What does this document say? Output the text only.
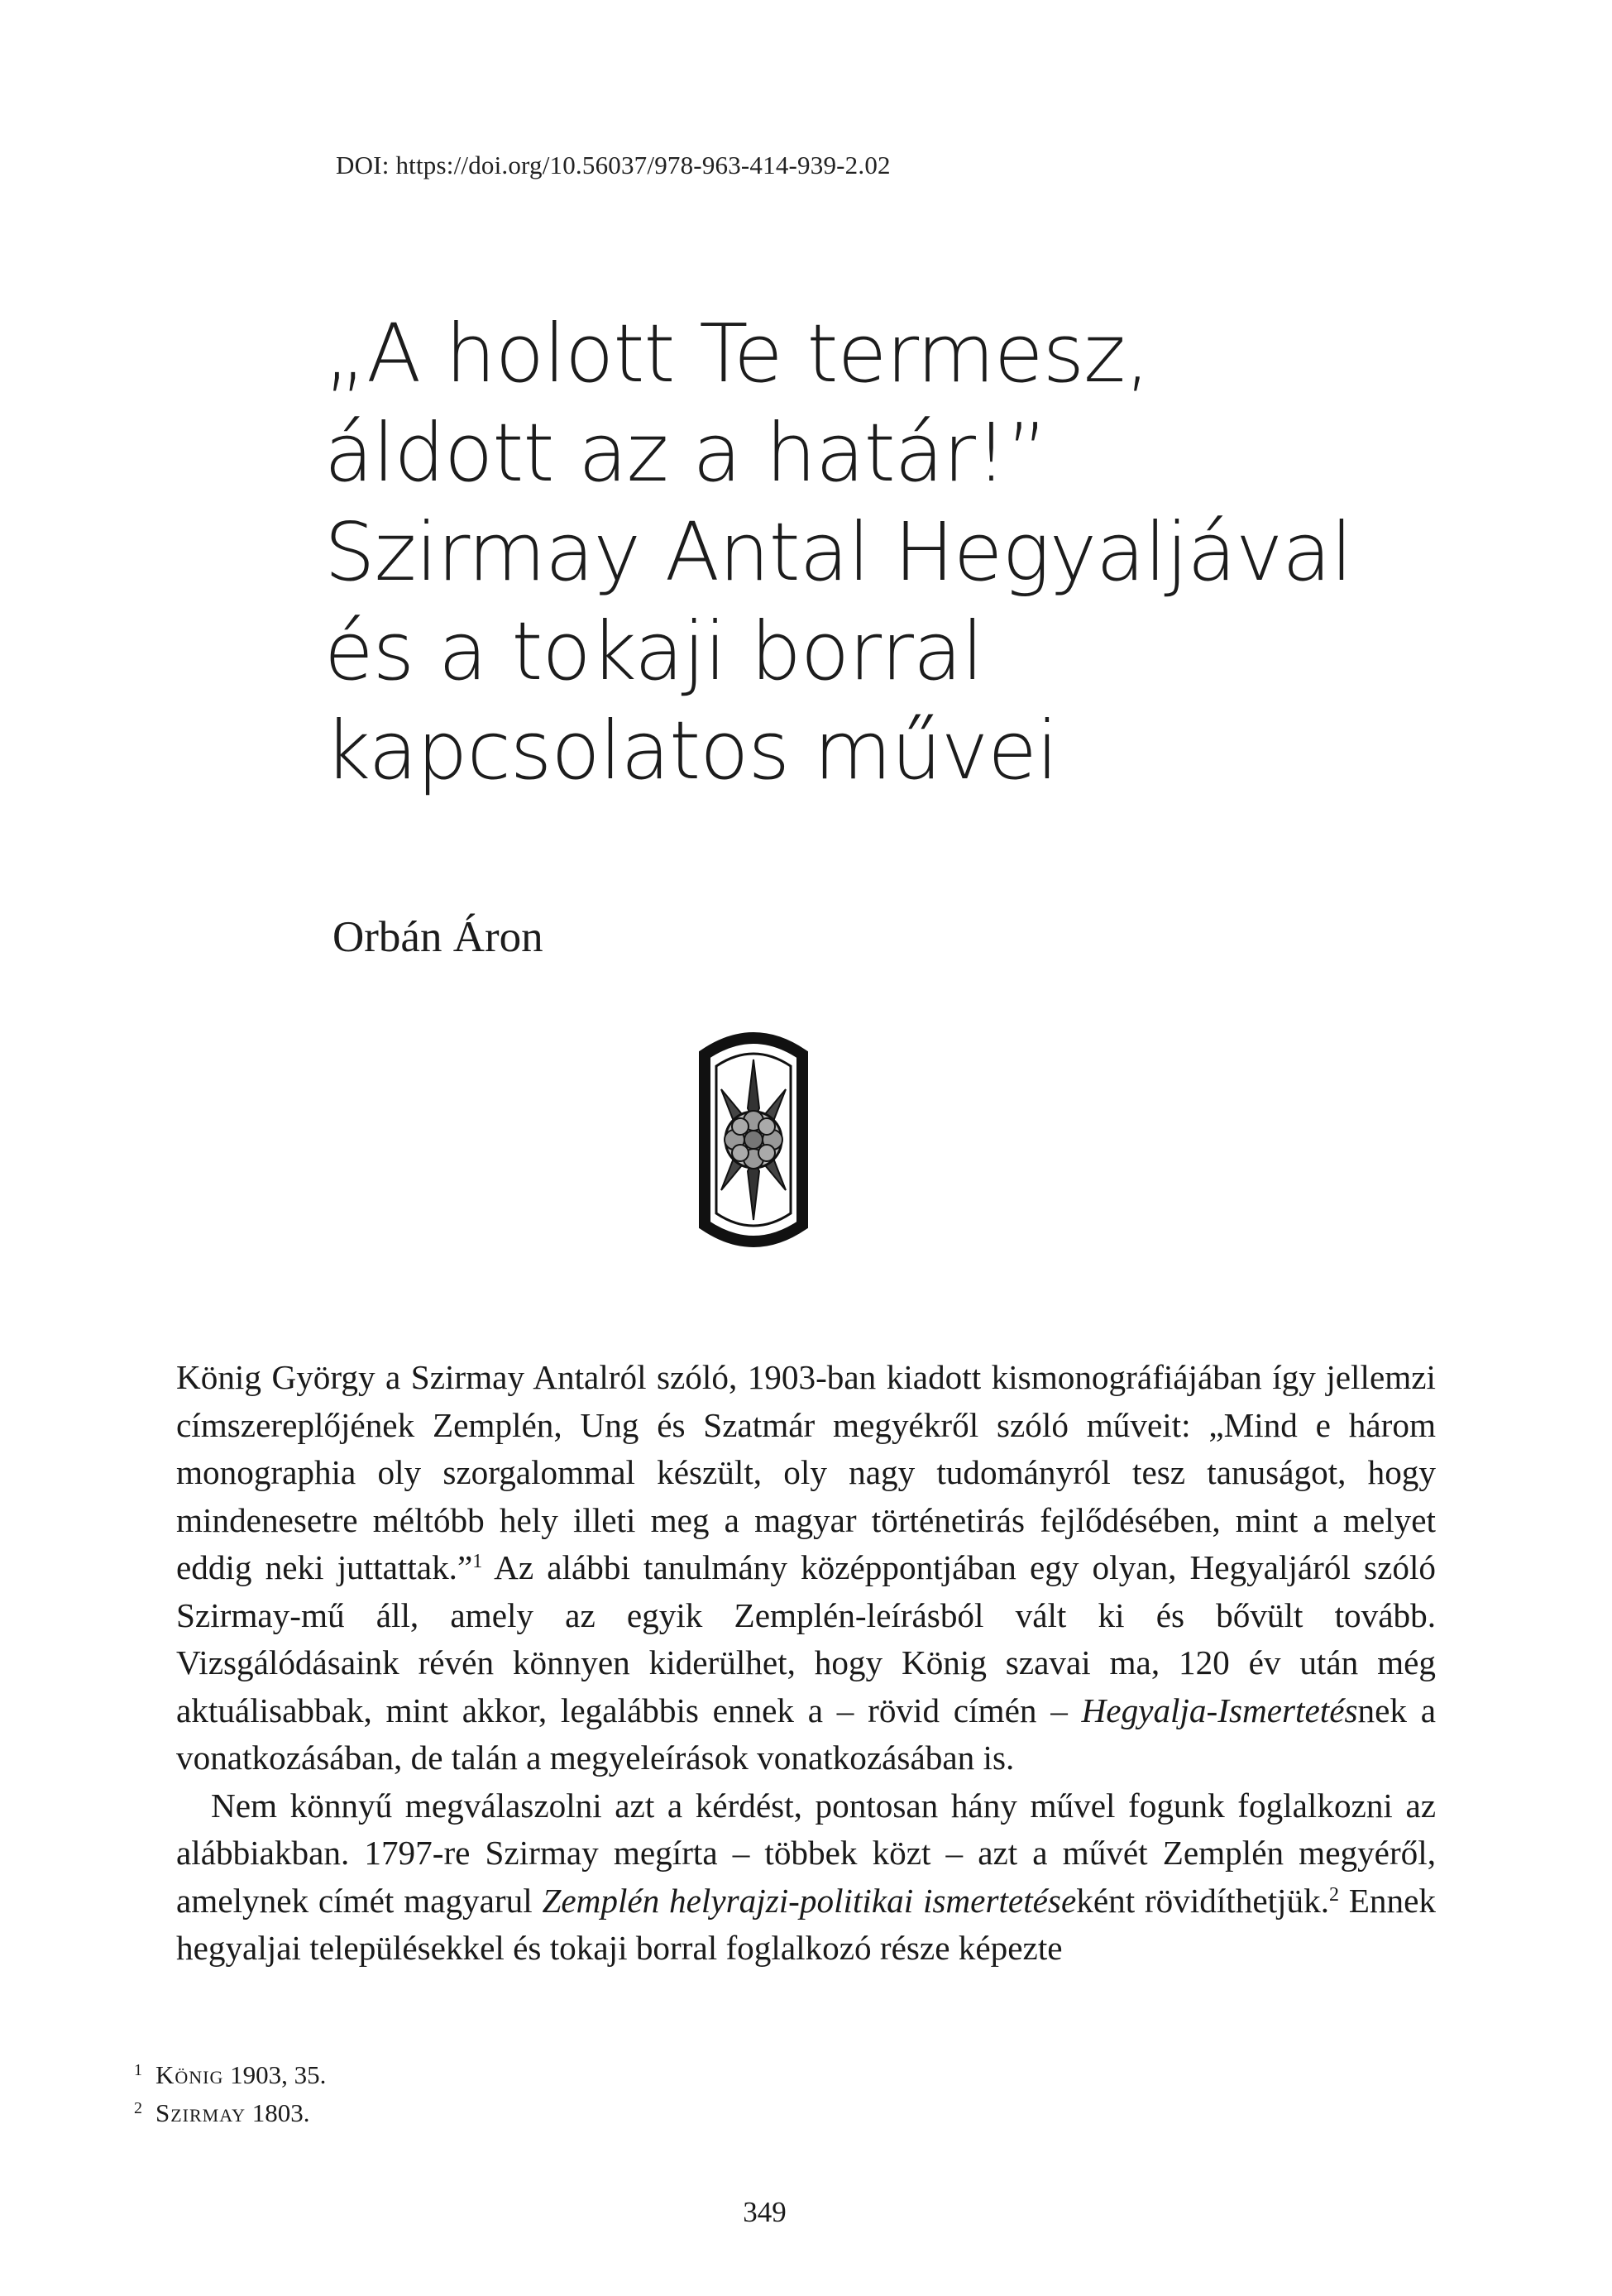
DOI: https://doi.org/10.56037/978-963-414-939-2.02

„A holott Te termesz,
áldott az a határ!”
Szirmay Antal Hegyaljával
és a tokaji borral
kapcsolatos művei

Orbán Áron

König György a Szirmay Antalról szóló, 1903-ban kiadott kismonográfiájában így jellemzi címszereplőjének Zemplén, Ung és Szatmár megyékről szóló műveit: „Mind e három monographia oly szorgalommal készült, oly nagy tudományról tesz tanuságot, hogy mindenesetre méltóbb hely illeti meg a magyar történetirás fejlődésében, mint a melyet eddig neki juttattak.”$^1$ Az alábbi tanulmány középpontjában egy olyan, Hegyaljáról szóló Szirmay-mű áll, amely az egyik Zemplén-leírásból vált ki és bővült tovább. Vizsgálódásaink révén könnyen kiderülhet, hogy König szavai ma, 120 év után még aktuálisabbak, mint akkor, legalábbis ennek a – rövid címén – Hegyalja-Ismertetésnek a vonatkozásában, de talán a megyeleírások vonatkozásában is.

Nem könnyű megválaszolni azt a kérdést, pontosan hány művel fogunk foglalkozni az alábbiakban. 1797-re Szirmay megírta – többek közt – azt a művét Zemplén megyéről, amelynek címét magyarul Zemplén helyrajzi-politikai ismertetéseként rövidíthetjük.$^2$ Ennek hegyaljai településekkel és tokaji borral foglalkozó része képezte

1 König 1903, 35.
2 Szirmay 1803.

349
